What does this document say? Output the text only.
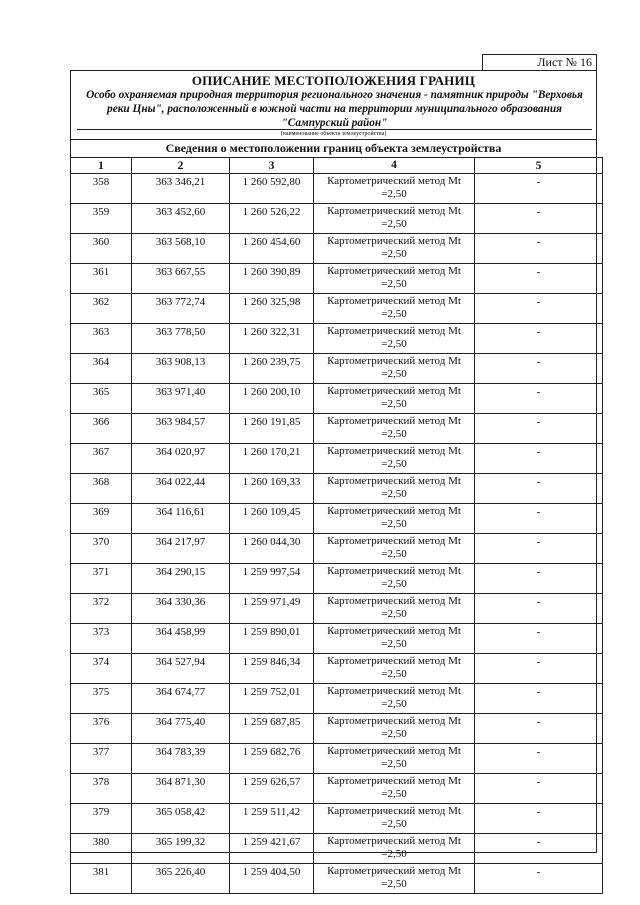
Лист № 16
ОПИСАНИЕ МЕСТОПОЛОЖЕНИЯ ГРАНИЦ
Особо охраняемая природная территория регионального значения - памятник природы "Верховья реки Цны", расположенный в южной части на территории муниципального образования "Сампурский район"
(наименование объекта землеустройства)
Сведения о местоположении границ объекта землеустройства
1	2	3	4	5
358	363 346,21	1 260 592,80	Картометрический метод Mt
=2,50	-
359	363 452,60	1 260 526,22	Картометрический метод Mt
=2,50	-
360	363 568,10	1 260 454,60	Картометрический метод Mt
=2,50	-
361	363 667,55	1 260 390,89	Картометрический метод Mt
=2,50	-
362	363 772,74	1 260 325,98	Картометрический метод Mt
=2,50	-
363	363 778,50	1 260 322,31	Картометрический метод Mt
=2,50	-
364	363 908,13	1 260 239,75	Картометрический метод Mt
=2,50	-
365	363 971,40	1 260 200,10	Картометрический метод Mt
=2,50	-
366	363 984,57	1 260 191,85	Картометрический метод Mt
=2,50	-
367	364 020,97	1 260 170,21	Картометрический метод Mt
=2,50	-
368	364 022,44	1 260 169,33	Картометрический метод Mt
=2,50	-
369	364 116,61	1 260 109,45	Картометрический метод Mt
=2,50	-
370	364 217,97	1 260 044,30	Картометрический метод Mt
=2,50	-
371	364 290,15	1 259 997,54	Картометрический метод Mt
=2,50	-
372	364 330,36	1 259 971,49	Картометрический метод Mt
=2,50	-
373	364 458,99	1 259 890,01	Картометрический метод Mt
=2,50	-
374	364 527,94	1 259 846,34	Картометрический метод Mt
=2,50	-
375	364 674,77	1 259 752,01	Картометрический метод Mt
=2,50	-
376	364 775,40	1 259 687,85	Картометрический метод Mt
=2,50	-
377	364 783,39	1 259 682,76	Картометрический метод Mt
=2,50	-
378	364 871,30	1 259 626,57	Картометрический метод Mt
=2,50	-
379	365 058,42	1 259 511,42	Картометрический метод Mt
=2,50	-
380	365 199,32	1 259 421,67	Картометрический метод Mt
=2,50	-
381	365 226,40	1 259 404,50	Картометрический метод Mt
=2,50	-
